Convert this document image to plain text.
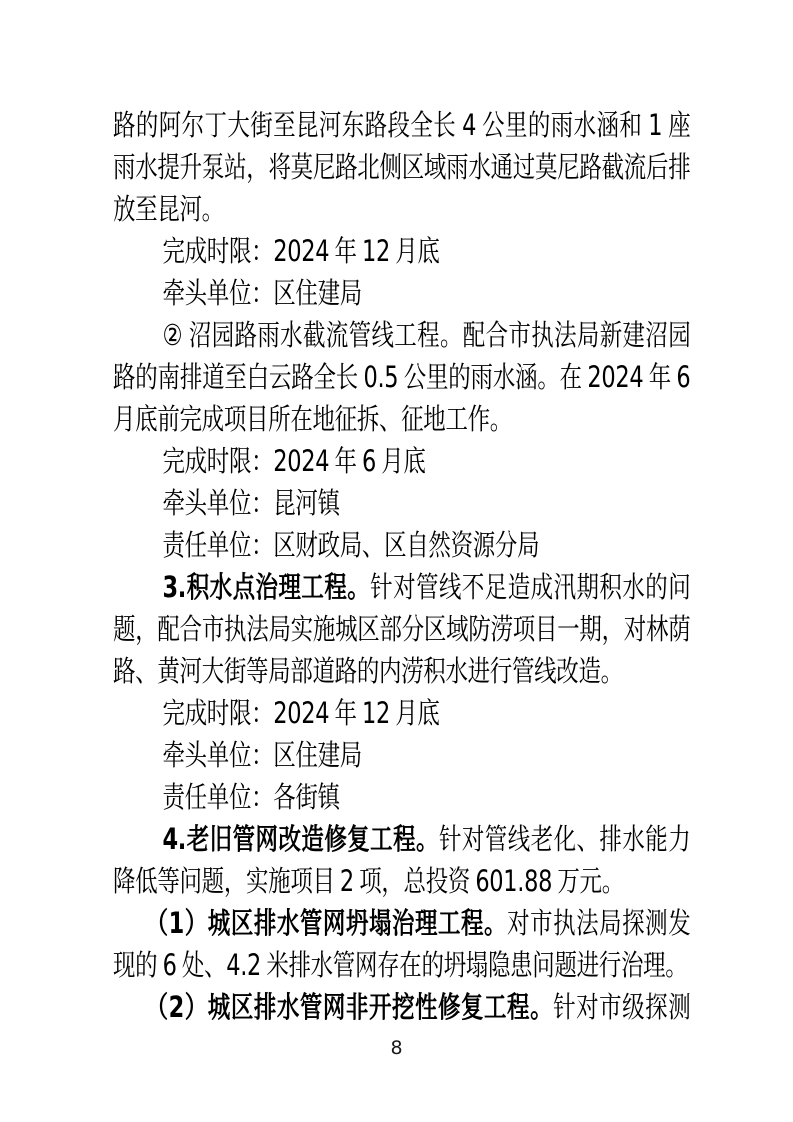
路的阿尔丁大街至昆河东路段全长 4 公里的雨水涵和 1 座雨水提升泵站，将莫尼路北侧区域雨水通过莫尼路截流后排放至昆河。

完成时限：2024 年 12 月底

牵头单位：区住建局

② 沼园路雨水截流管线工程。配合市执法局新建沼园路的南排道至白云路全长 0.5 公里的雨水涵。在 2024 年 6 月底前完成项目所在地征拆、征地工作。

完成时限：2024 年 6 月底

牵头单位：昆河镇

责任单位：区财政局、区自然资源分局

3.积水点治理工程。针对管线不足造成汛期积水的问题，配合市执法局实施城区部分区域防涝项目一期，对林荫路、黄河大街等局部道路的内涝积水进行管线改造。

完成时限：2024 年 12 月底

牵头单位：区住建局

责任单位：各街镇

4.老旧管网改造修复工程。针对管线老化、排水能力降低等问题，实施项目 2 项，总投资 601.88 万元。

（1）城区排水管网坍塌治理工程。对市执法局探测发现的 6 处、4.2 米排水管网存在的坍塌隐患问题进行治理。

（2）城区排水管网非开挖性修复工程。针对市级探测

8
